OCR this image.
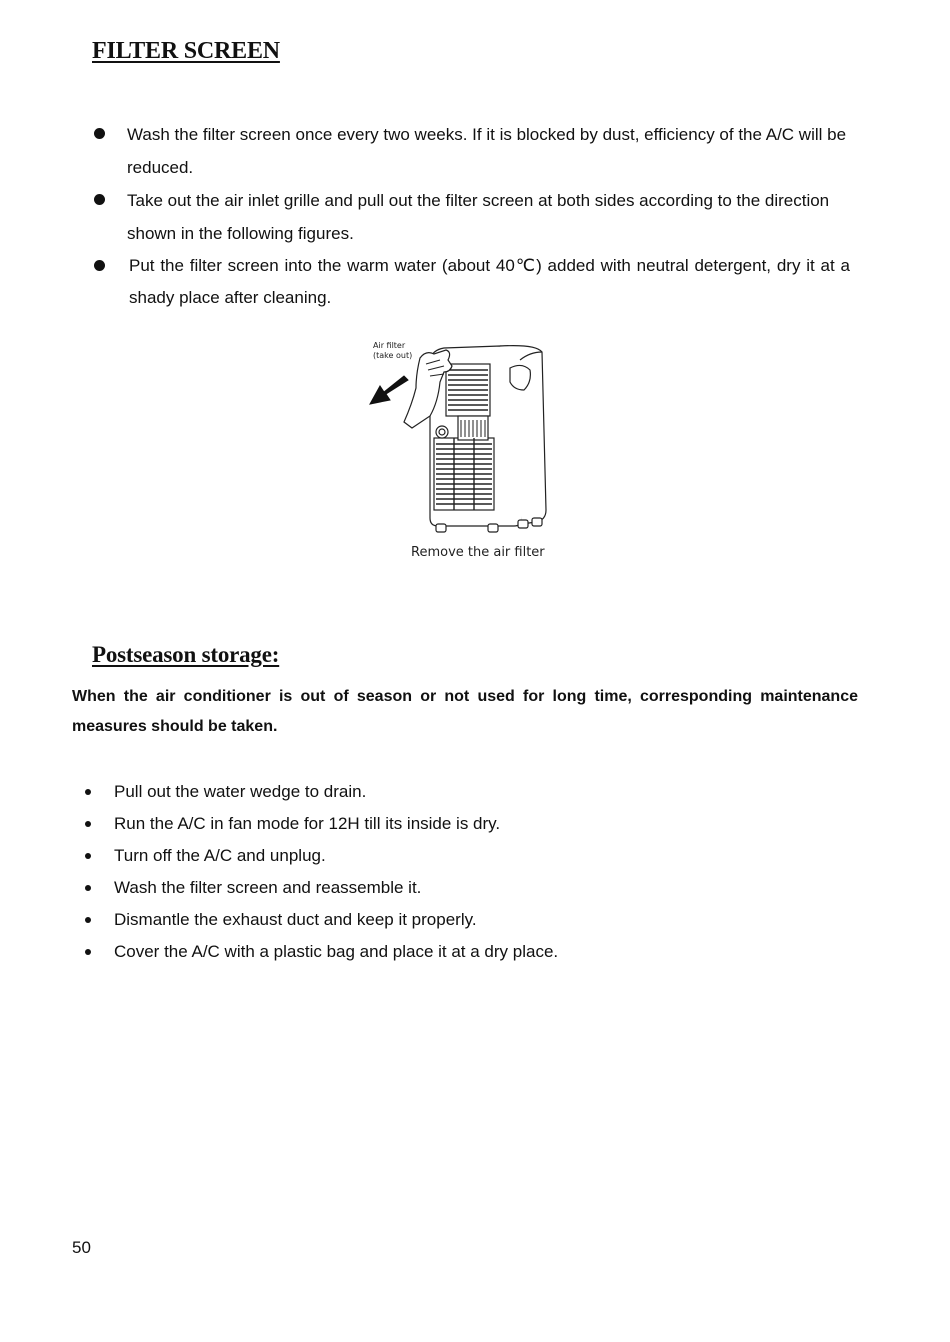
FILTER SCREEN
Wash the filter screen once every two weeks. If it is blocked by dust, efficiency of the A/C will be reduced.
Take out the air inlet grille and pull out the filter screen at both sides according to the direction shown in the following figures.
Put the filter screen into the warm water (about 40℃) added with neutral detergent, dry it at a shady place after cleaning.
Air filter
(take out)
Remove the air filter
Postseason storage:

When the air conditioner is out of season or not used for long time, corresponding maintenance measures should be taken.

Pull out the water wedge to drain.
Run the A/C in fan mode for 12H till its inside is dry.
Turn off the A/C and unplug.
Wash the filter screen and reassemble it.
Dismantle the exhaust duct and keep it properly.
Cover the A/C with a plastic bag and place it at a dry place.
50
